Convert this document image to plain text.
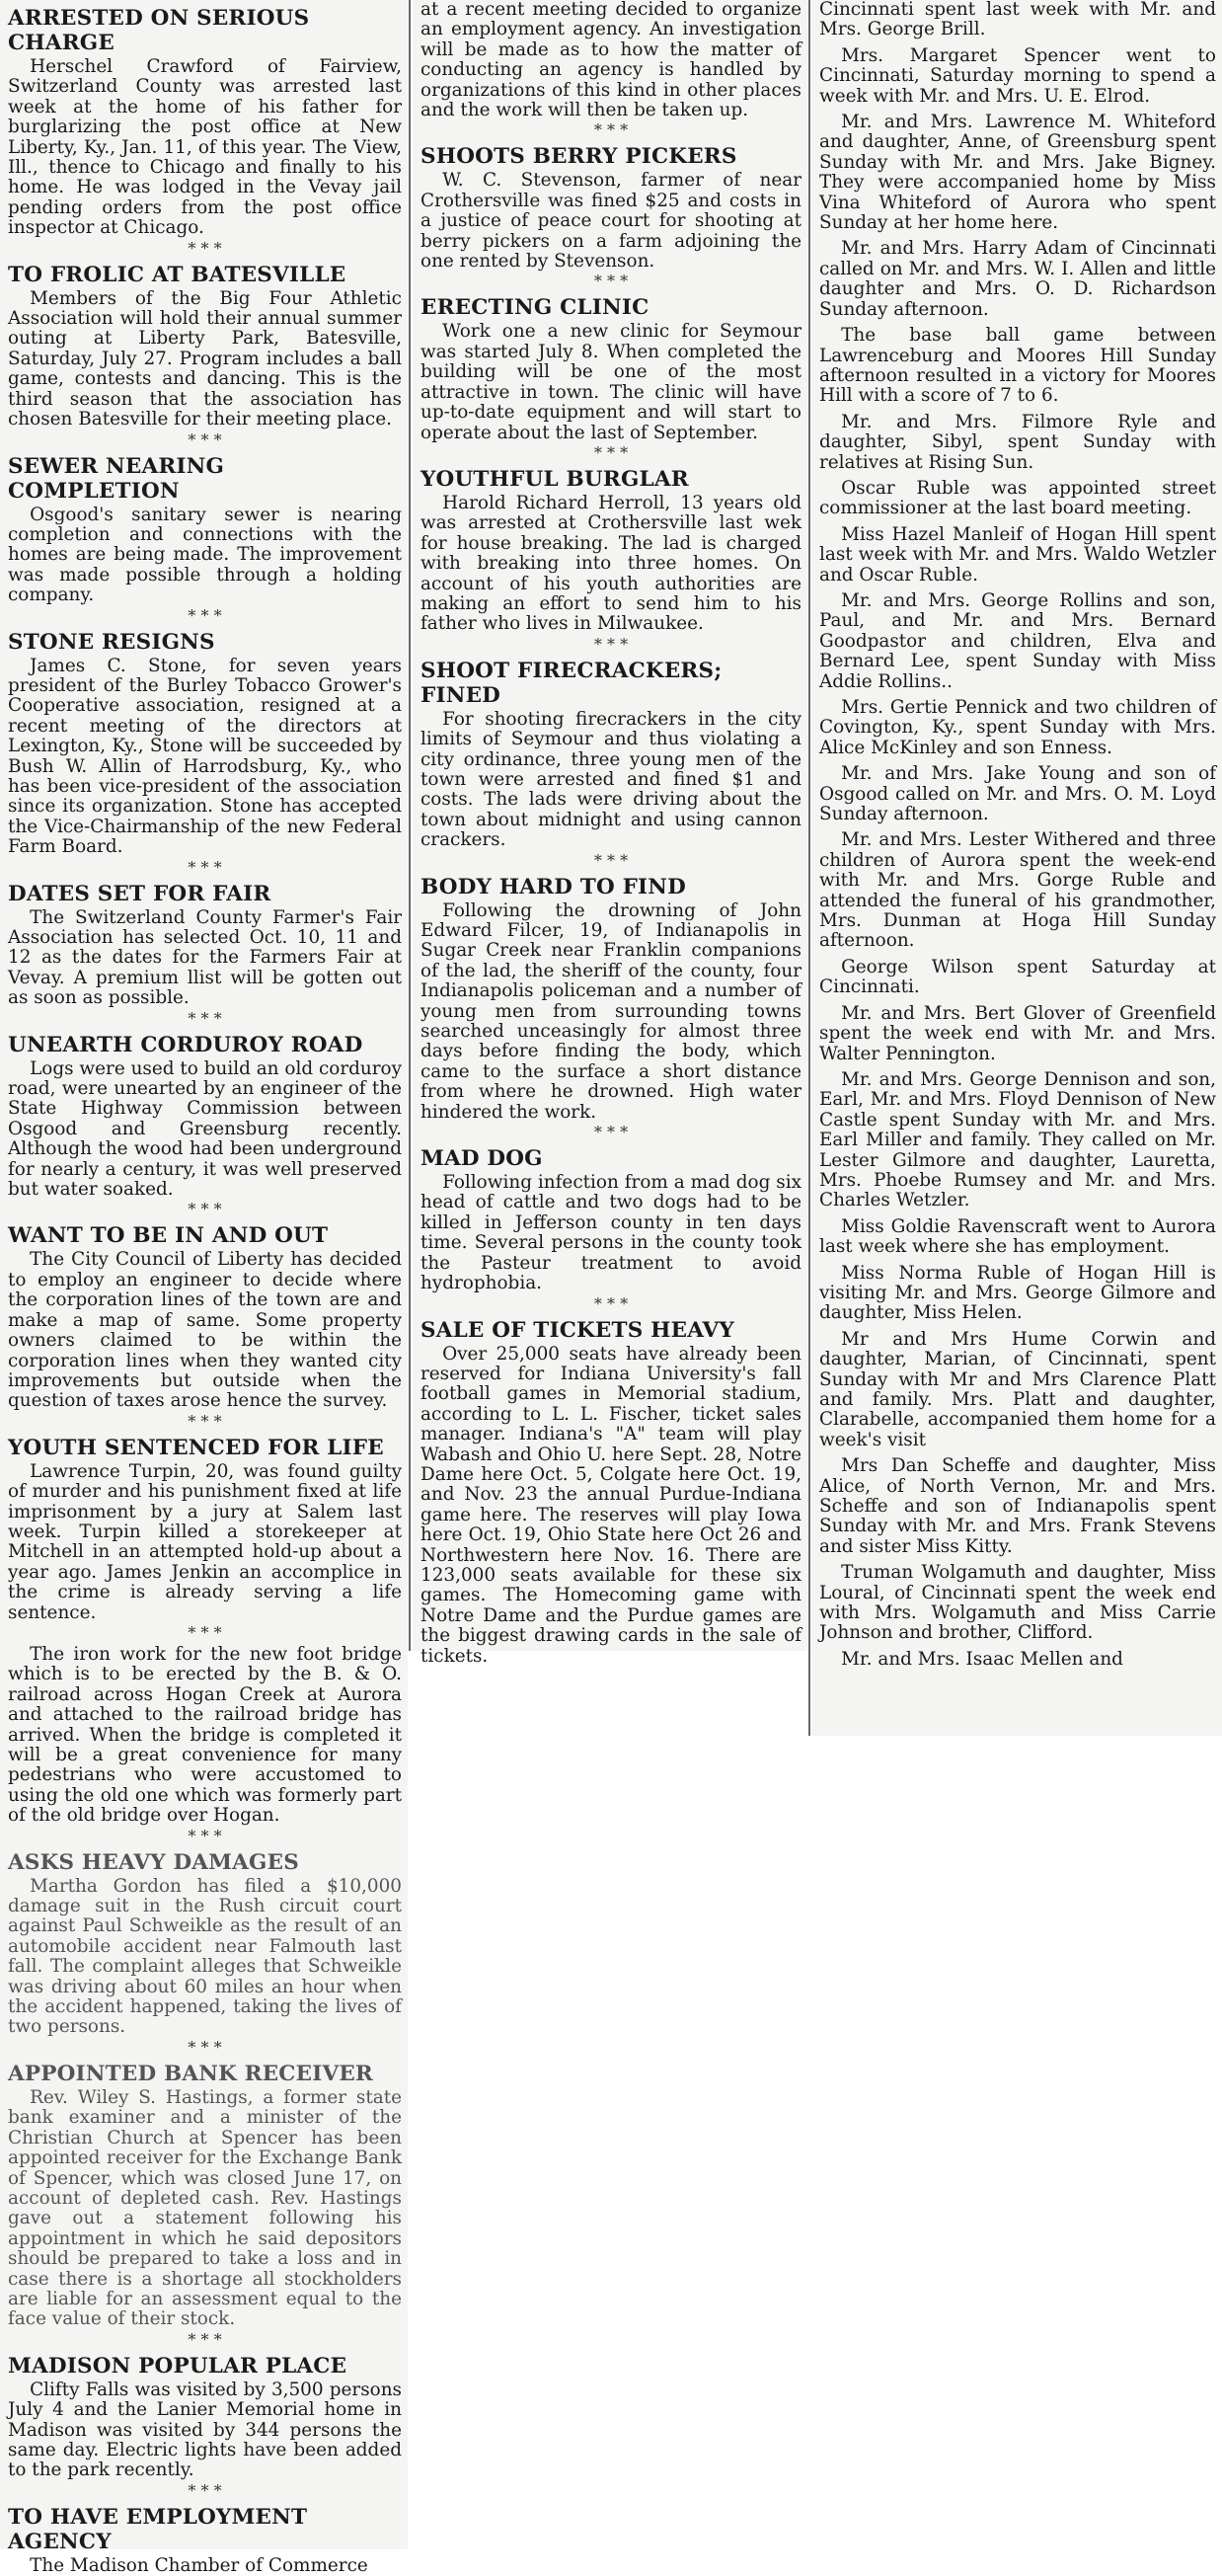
ARRESTED ON SERIOUS CHARGE

Herschel Crawford of Fairview, Switzerland County was arrested last week at the home of his father for burglarizing the post office at New Liberty, Ky., Jan. 11, of this year. The View, Ill., thence to Chicago and finally to his home. He was lodged in the Vevay jail pending orders from the post office inspector at Chicago.

* * *
TO FROLIC AT BATESVILLE

Members of the Big Four Athletic Association will hold their annual summer outing at Liberty Park, Batesville, Saturday, July 27. Program includes a ball game, contests and dancing. This is the third season that the association has chosen Batesville for their meeting place.

* * *
SEWER NEARING COMPLETION

Osgood's sanitary sewer is nearing completion and connections with the homes are being made. The improvement was made possible through a holding company.

* * *
STONE RESIGNS

James C. Stone, for seven years president of the Burley Tobacco Grower's Cooperative association, resigned at a recent meeting of the directors at Lexington, Ky., Stone will be succeeded by Bush W. Allin of Harrodsburg, Ky., who has been vice-president of the association since its organization. Stone has accepted the Vice-Chairmanship of the new Federal Farm Board.

* * *
DATES SET FOR FAIR

The Switzerland County Farmer's Fair Association has selected Oct. 10, 11 and 12 as the dates for the Farmers Fair at Vevay. A premium llist will be gotten out as soon as possible.

* * *
UNEARTH CORDUROY ROAD

Logs were used to build an old corduroy road, were unearted by an engineer of the State Highway Commission between Osgood and Greensburg recently. Although the wood had been underground for nearly a century, it was well preserved but water soaked.

* * *
WANT TO BE IN AND OUT

The City Council of Liberty has decided to employ an engineer to decide where the corporation lines of the town are and make a map of same. Some property owners claimed to be within the corporation lines when they wanted city improvements but outside when the question of taxes arose hence the survey.

* * *
YOUTH SENTENCED FOR LIFE

Lawrence Turpin, 20, was found guilty of murder and his punishment fixed at life imprisonment by a jury at Salem last week. Turpin killed a storekeeper at Mitchell in an attempted hold-up about a year ago. James Jenkin an accomplice in the crime is already serving a life sentence.

* * *

The iron work for the new foot bridge which is to be erected by the B. & O. railroad across Hogan Creek at Aurora and attached to the railroad bridge has arrived. When the bridge is completed it will be a great convenience for many pedestrians who were accustomed to using the old one which was formerly part of the old bridge over Hogan.

* * *
ASKS HEAVY DAMAGES

Martha Gordon has filed a $10,000 damage suit in the Rush circuit court against Paul Schweikle as the result of an automobile accident near Falmouth last fall. The complaint alleges that Schweikle was driving about 60 miles an hour when the accident happened, taking the lives of two persons.

* * *
APPOINTED BANK RECEIVER

Rev. Wiley S. Hastings, a former state bank examiner and a minister of the Christian Church at Spencer has been appointed receiver for the Exchange Bank of Spencer, which was closed June 17, on account of depleted cash. Rev. Hastings gave out a statement following his appointment in which he said depositors should be prepared to take a loss and in case there is a shortage all stockholders are liable for an assessment equal to the face value of their stock.

* * *
MADISON POPULAR PLACE

Clifty Falls was visited by 3,500 persons July 4 and the Lanier Memorial home in Madison was visited by 344 persons the same day. Electric lights have been added to the park recently.

* * *
TO HAVE EMPLOYMENT AGENCY

The Madison Chamber of Commerce

at a recent meeting decided to organize an employment agency. An investigation will be made as to how the matter of conducting an agency is handled by organizations of this kind in other places and the work will then be taken up.

* * *
SHOOTS BERRY PICKERS

W. C. Stevenson, farmer of near Crothersville was fined $25 and costs in a justice of peace court for shooting at berry pickers on a farm adjoining the one rented by Stevenson.

* * *
ERECTING CLINIC

Work one a new clinic for Seymour was started July 8. When completed the building will be one of the most attractive in town. The clinic will have up-to-date equipment and will start to operate about the last of September.

* * *
YOUTHFUL BURGLAR

Harold Richard Herroll, 13 years old was arrested at Crothersville last wek for house breaking. The lad is charged with breaking into three homes. On account of his youth authorities are making an effort to send him to his father who lives in Milwaukee.

* * *
SHOOT FIRECRACKERS; FINED

For shooting firecrackers in the city limits of Seymour and thus violating a city ordinance, three young men of the town were arrested and fined $1 and costs. The lads were driving about the town about midnight and using cannon crackers.

* * *
BODY HARD TO FIND

Following the drowning of John Edward Filcer, 19, of Indianapolis in Sugar Creek near Franklin companions of the lad, the sheriff of the county, four Indianapolis policeman and a number of young men from surrounding towns searched unceasingly for almost three days before finding the body, which came to the surface a short distance from where he drowned. High water hindered the work.

* * *
MAD DOG

Following infection from a mad dog six head of cattle and two dogs had to be killed in Jefferson county in ten days time. Several persons in the county took the Pasteur treatment to avoid hydrophobia.

* * *
SALE OF TICKETS HEAVY

Over 25,000 seats have already been reserved for Indiana University's fall football games in Memorial stadium, according to L. L. Fischer, ticket sales manager. Indiana's "A" team will play Wabash and Ohio U. here Sept. 28, Notre Dame here Oct. 5, Colgate here Oct. 19, and Nov. 23 the annual Purdue-Indiana game here. The reserves will play Iowa here Oct. 19, Ohio State here Oct 26 and Northwestern here Nov. 16. There are 123,000 seats available for these six games. The Homecoming game with Notre Dame and the Purdue games are the biggest drawing cards in the sale of tickets.

Cincinnati spent last week with Mr. and Mrs. George Brill.

Mrs. Margaret Spencer went to Cincinnati, Saturday morning to spend a week with Mr. and Mrs. U. E. Elrod.

Mr. and Mrs. Lawrence M. Whiteford and daughter, Anne, of Greensburg spent Sunday with Mr. and Mrs. Jake Bigney. They were accompanied home by Miss Vina Whiteford of Aurora who spent Sunday at her home here.

Mr. and Mrs. Harry Adam of Cincinnati called on Mr. and Mrs. W. I. Allen and little daughter and Mrs. O. D. Richardson Sunday afternoon.

The base ball game between Lawrenceburg and Moores Hill Sunday afternoon resulted in a victory for Moores Hill with a score of 7 to 6.

Mr. and Mrs. Filmore Ryle and daughter, Sibyl, spent Sunday with relatives at Rising Sun.

Oscar Ruble was appointed street commissioner at the last board meeting.

Miss Hazel Manleif of Hogan Hill spent last week with Mr. and Mrs. Waldo Wetzler and Oscar Ruble.

Mr. and Mrs. George Rollins and son, Paul, and Mr. and Mrs. Bernard Goodpastor and children, Elva and Bernard Lee, spent Sunday with Miss Addie Rollins..

Mrs. Gertie Pennick and two children of Covington, Ky., spent Sunday with Mrs. Alice McKinley and son Enness.

Mr. and Mrs. Jake Young and son of Osgood called on Mr. and Mrs. O. M. Loyd Sunday afternoon.

Mr. and Mrs. Lester Withered and three children of Aurora spent the week-end with Mr. and Mrs. Gorge Ruble and attended the funeral of his grandmother, Mrs. Dunman at Hoga Hill Sunday afternoon.

George Wilson spent Saturday at Cincinnati.

Mr. and Mrs. Bert Glover of Greenfield spent the week end with Mr. and Mrs. Walter Pennington.

Mr. and Mrs. George Dennison and son, Earl, Mr. and Mrs. Floyd Dennison of New Castle spent Sunday with Mr. and Mrs. Earl Miller and family. They called on Mr. Lester Gilmore and daughter, Lauretta, Mrs. Phoebe Rumsey and Mr. and Mrs. Charles Wetzler.

Miss Goldie Ravenscraft went to Aurora last week where she has employment.

Miss Norma Ruble of Hogan Hill is visiting Mr. and Mrs. George Gilmore and daughter, Miss Helen.

Mr and Mrs Hume Corwin and daughter, Marian, of Cincinnati, spent Sunday with Mr and Mrs Clarence Platt and family. Mrs. Platt and daughter, Clarabelle, accompanied them home for a week's visit

Mrs Dan Scheffe and daughter, Miss Alice, of North Vernon, Mr. and Mrs. Scheffe and son of Indianapolis spent Sunday with Mr. and Mrs. Frank Stevens and sister Miss Kitty.

Truman Wolgamuth and daughter, Miss Loural, of Cincinnati spent the week end with Mrs. Wolgamuth and Miss Carrie Johnson and brother, Clifford.

Mr. and Mrs. Isaac Mellen and
